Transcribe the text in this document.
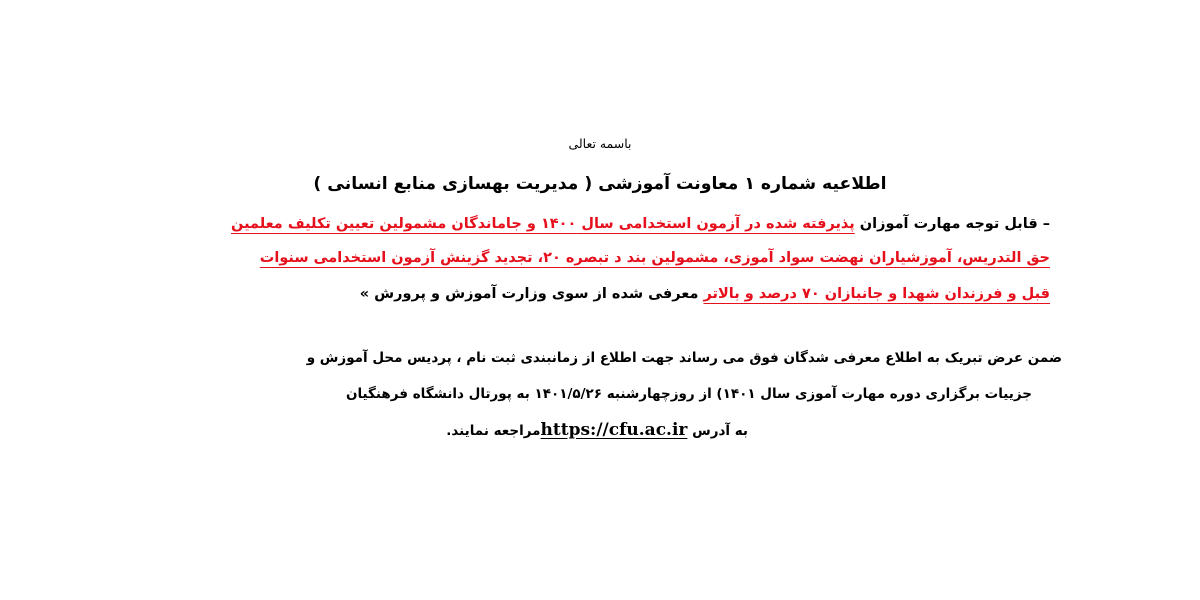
باسمه تعالی
اطلاعیه شماره ۱ معاونت آموزشی ( مدیریت بهسازی منابع انسانی )
– قابل توجه مهارت آموزان پذیرفته شده در آزمون استخدامی سال ۱۴۰۰ و جاماندگان مشمولین تعیین تکلیف معلمین
حق التدریس، آموزشیاران نهضت سواد آموزی، مشمولین بند د تبصره ۲۰، تجدید گزینش آزمون استخدامی سنوات
قبل و فرزندان شهدا و جانبازان ۷۰ درصد و بالاتر معرفی شده از سوی وزارت آموزش و پرورش »
ضمن عرض تبریک به اطلاع معرفی شدگان فوق می رساند جهت اطلاع از زمانبندی ثبت نام ، پردیس محل آموزش و
جزییات برگزاری دوره مهارت آموزی سال ۱۴۰۱) از روزچهارشنبه ۱۴۰۱/۵/۲۶ به پورتال دانشگاه فرهنگیان
به آدرس https://cfu.ac.irمراجعه نمایند.
